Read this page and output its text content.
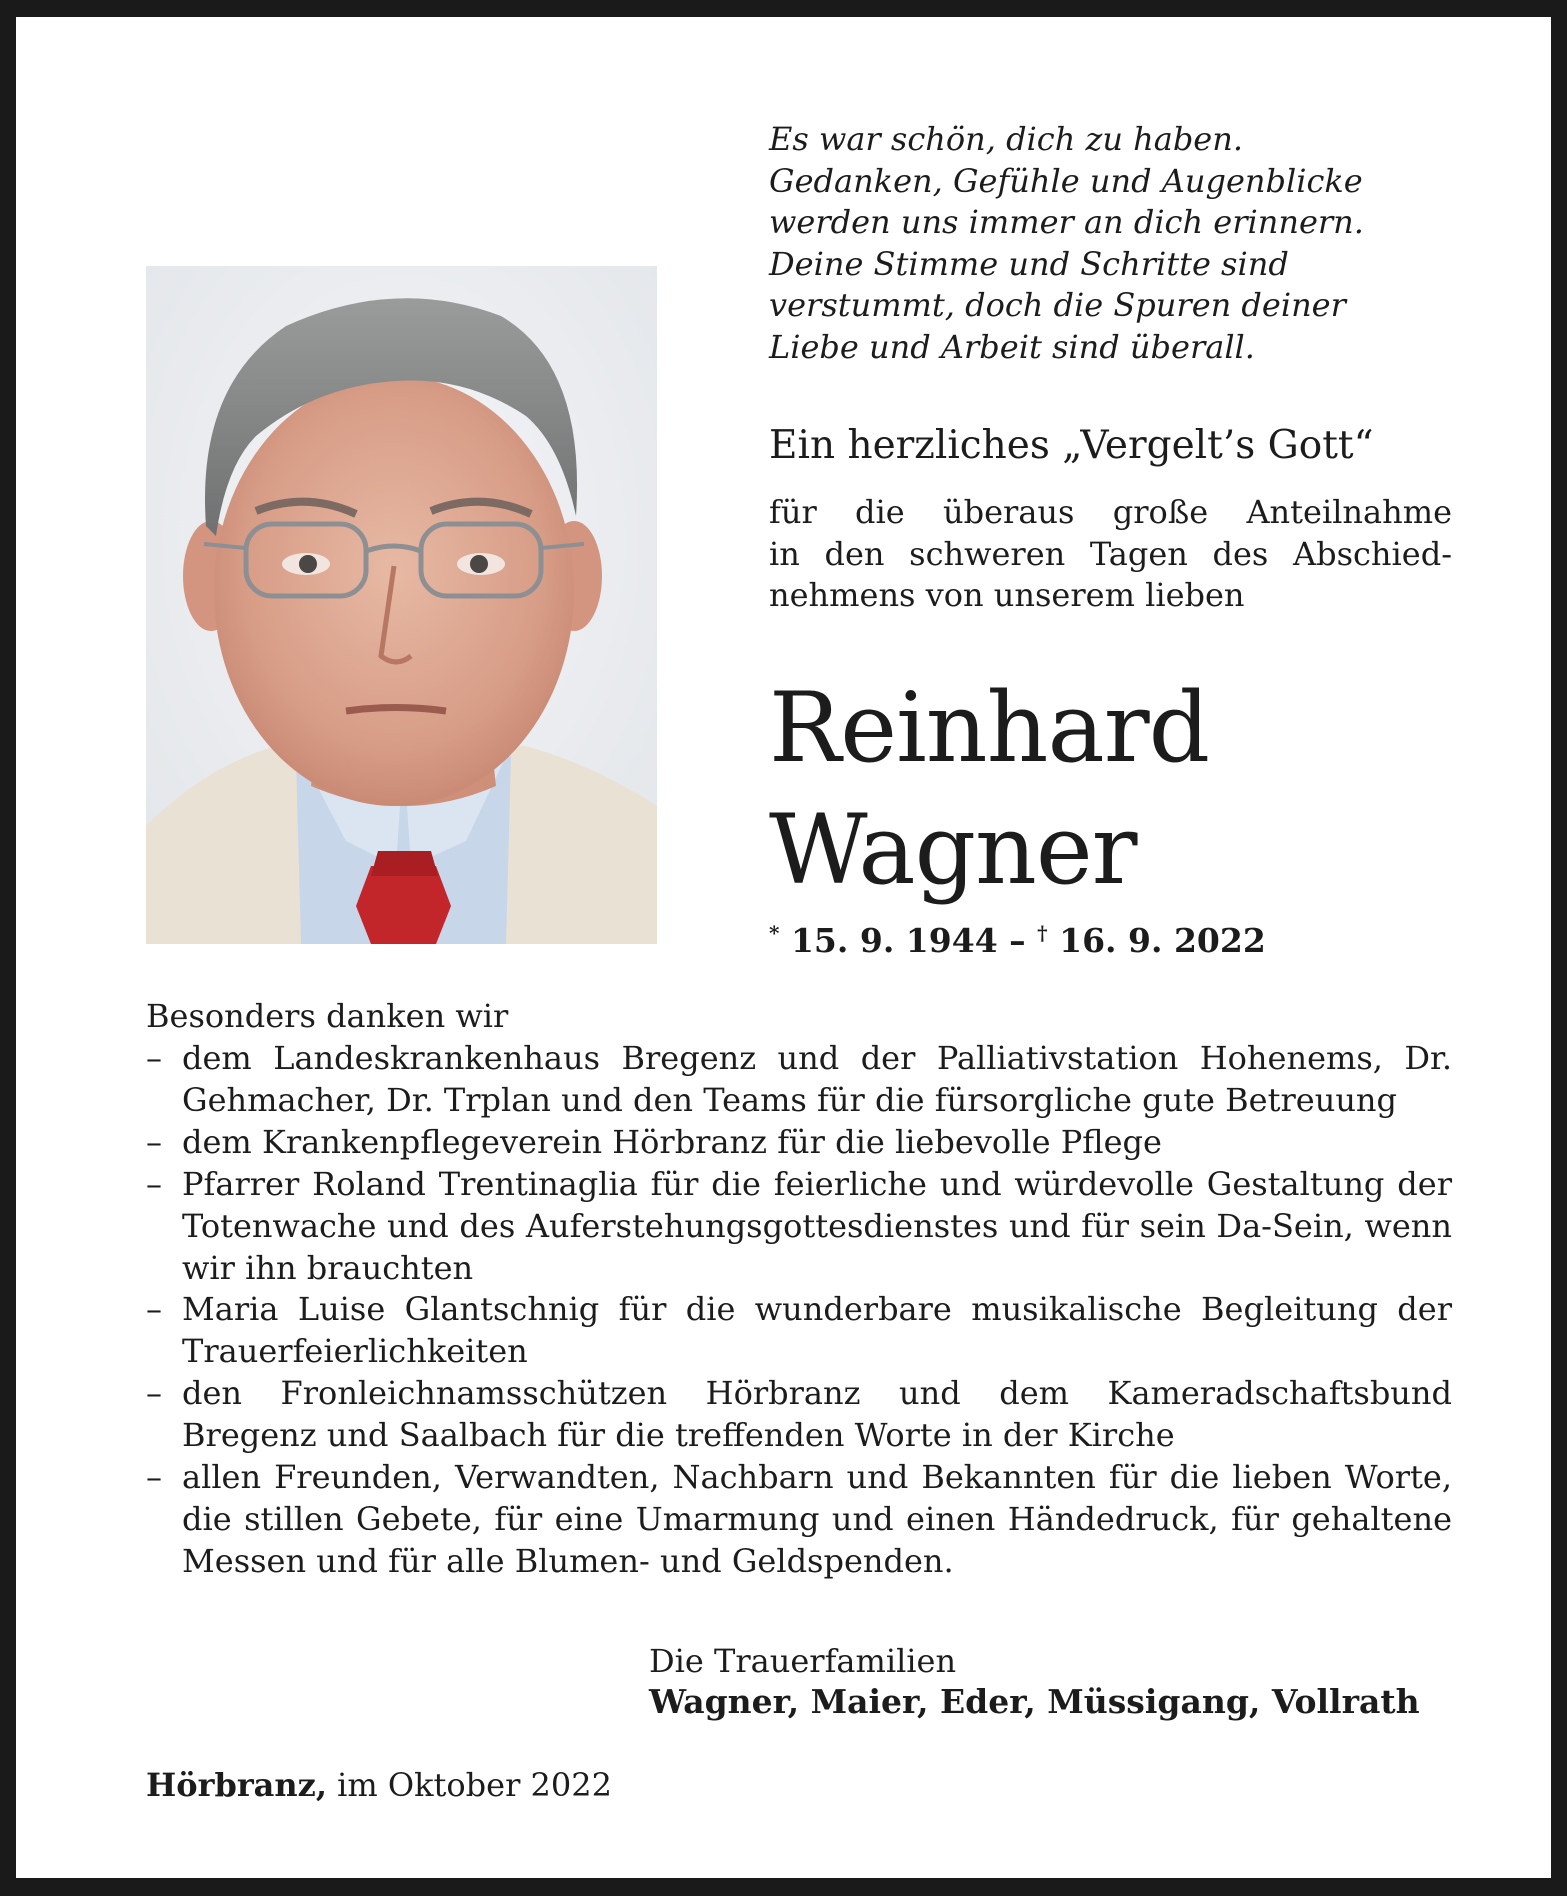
Es war schön, dich zu haben.
Gedanken, Gefühle und Augenblicke
werden uns immer an dich erinnern.
Deine Stimme und Schritte sind
verstummt, doch die Spuren deiner
Liebe und Arbeit sind überall.
Ein herzliches „Vergelt’s Gott“
für die überaus große Anteilnahme
in den schweren Tagen des Abschied-
nehmens von unserem lieben
Reinhard
Wagner
* 15. 9. 1944 – † 16. 9. 2022
Besonders danken wir
– dem Landeskrankenhaus Bregenz und der Palliativstation Hohenems, Dr. Gehmacher, Dr. Trplan und den Teams für die fürsorgliche gute Betreuung
– dem Krankenpflegeverein Hörbranz für die liebevolle Pflege
– Pfarrer Roland Trentinaglia für die feierliche und würdevolle Gestaltung der Totenwache und des Auferstehungsgottesdienstes und für sein Da-Sein, wenn wir ihn brauchten
– Maria Luise Glantschnig für die wunderbare musikalische Begleitung der Trauerfeierlichkeiten
– den Fronleichnamsschützen Hörbranz und dem Kameradschaftsbund Bregenz und Saalbach für die treffenden Worte in der Kirche
– allen Freunden, Verwandten, Nachbarn und Bekannten für die lieben Worte, die stillen Gebete, für eine Umarmung und einen Händedruck, für gehaltene Messen und für alle Blumen- und Geldspenden.
Die Trauerfamilien
Wagner, Maier, Eder, Müssigang, Vollrath
Hörbranz, im Oktober 2022
